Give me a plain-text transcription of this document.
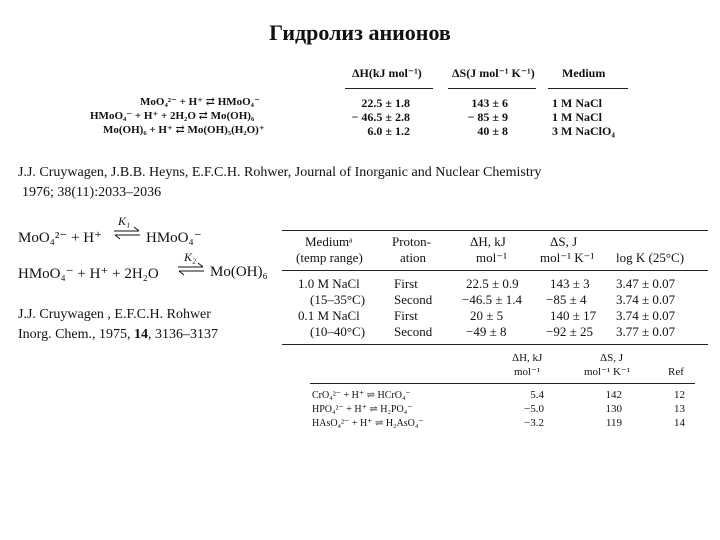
Гидролиз анионов
ΔH(kJ mol⁻¹)	ΔS(J mol⁻¹ K⁻¹) Medium
MoO₄²⁻ + H⁺ ⇄ HMoO₄⁻
HMoO₄⁻ + H⁺ + 2H₂O ⇄ Mo(OH)₆
Mo(OH)₆ + H⁺ ⇄ Mo(OH)₅(H₂O)⁺
22.5 ± 1.8
− 46.5 ± 2.8
6.0 ± 1.2
143 ± 6
− 85 ± 9
40 ± 8
1 M NaCl
1 M NaCl
3 M NaClO₄
J.J. Cruywagen, J.B.B. Heyns, E.F.C.H. Rohwer, Journal of Inorganic and Nuclear Chemistry
1976; 38(11):2033–2036
MoO₄²⁻ + H⁺
K₁
⇌ HMoO₄⁻
HMoO₄⁻ + H⁺ + 2H₂O
K₂
⇌ Mo(OH)₆
J.J. Cruywagen , E.F.C.H. Rohwer
Inorg. Chem., 1975, 14, 3136–3137
Mediumᵃ
(temp range)
Proton-
ation
ΔH, kJ
mol⁻¹
ΔS, J
mol⁻¹ K⁻¹ log K (25°C)
1.0 M NaCl
(15–35°C)
0.1 M NaCl
(10–40°C)
First
Second
First
Second
22.5 ± 0.9
−46.5 ± 1.4
20 ± 5
−49 ± 8
143 ± 3
−85 ± 4
140 ± 17
−92 ± 25
3.47 ± 0.07
3.74 ± 0.07
3.74 ± 0.07
3.77 ± 0.07
ΔH, kJ
mol⁻¹
ΔS, J
mol⁻¹ K⁻¹	Ref
CrO₄²⁻ + H⁺ ⇌ HCrO₄⁻
HPO₄²⁻ + H⁺ ⇌ H₂PO₄⁻
HAsO₄²⁻ + H⁺ ⇌ H₂AsO₄⁻
5.4
−5.0
−3.2
142
130
119
12
13
14
